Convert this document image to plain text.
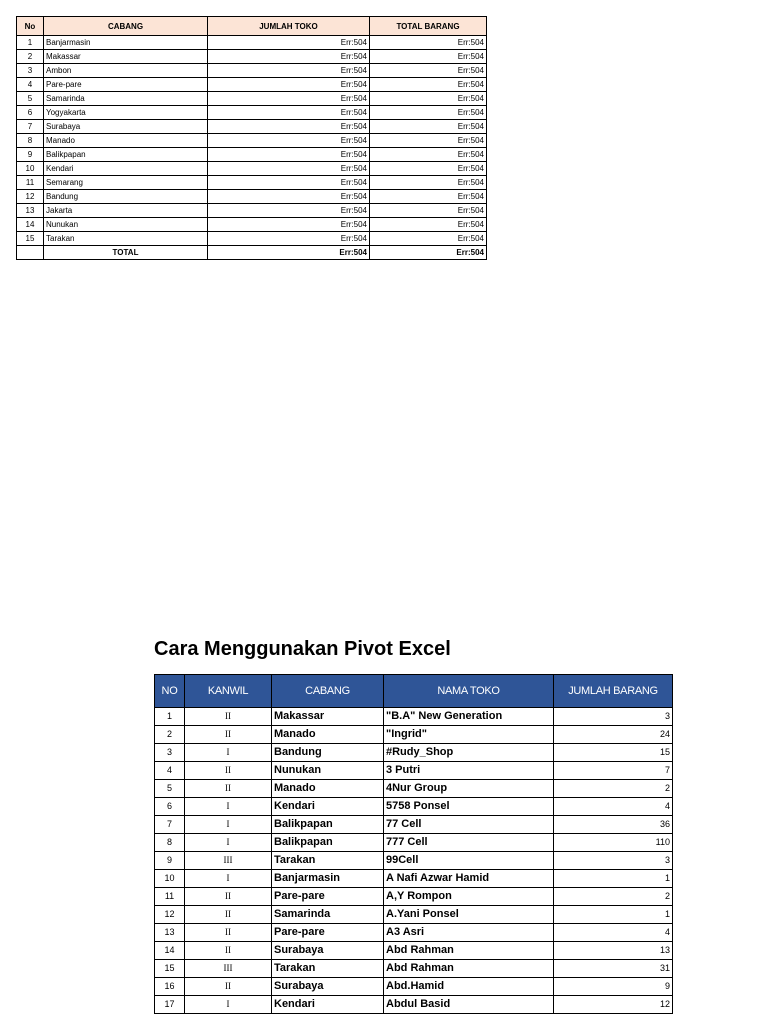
No	CABANG	JUMLAH TOKO	TOTAL BARANG
1	Banjarmasin	Err:504	Err:504
2	Makassar	Err:504	Err:504
3	Ambon	Err:504	Err:504
4	Pare-pare	Err:504	Err:504
5	Samarinda	Err:504	Err:504
6	Yogyakarta	Err:504	Err:504
7	Surabaya	Err:504	Err:504
8	Manado	Err:504	Err:504
9	Balikpapan	Err:504	Err:504
10	Kendari	Err:504	Err:504
11	Semarang	Err:504	Err:504
12	Bandung	Err:504	Err:504
13	Jakarta	Err:504	Err:504
14	Nunukan	Err:504	Err:504
15	Tarakan	Err:504	Err:504
	TOTAL	Err:504	Err:504
Cara Menggunakan Pivot Excel
NO	KANWIL	CABANG	NAMA TOKO	JUMLAH BARANG
1	II	Makassar	"B.A" New Generation	3
2	II	Manado	"Ingrid"	24
3	I	Bandung	#Rudy_Shop	15
4	II	Nunukan	3 Putri	7
5	II	Manado	4Nur Group	2
6	I	Kendari	5758 Ponsel	4
7	I	Balikpapan	77 Cell	36
8	I	Balikpapan	777 Cell	110
9	III	Tarakan	99Cell	3
10	I	Banjarmasin	A Nafi Azwar Hamid	1
11	II	Pare-pare	A,Y Rompon	2
12	II	Samarinda	A.Yani Ponsel	1
13	II	Pare-pare	A3 Asri	4
14	II	Surabaya	Abd Rahman	13
15	III	Tarakan	Abd Rahman	31
16	II	Surabaya	Abd.Hamid	9
17	I	Kendari	Abdul Basid	12
